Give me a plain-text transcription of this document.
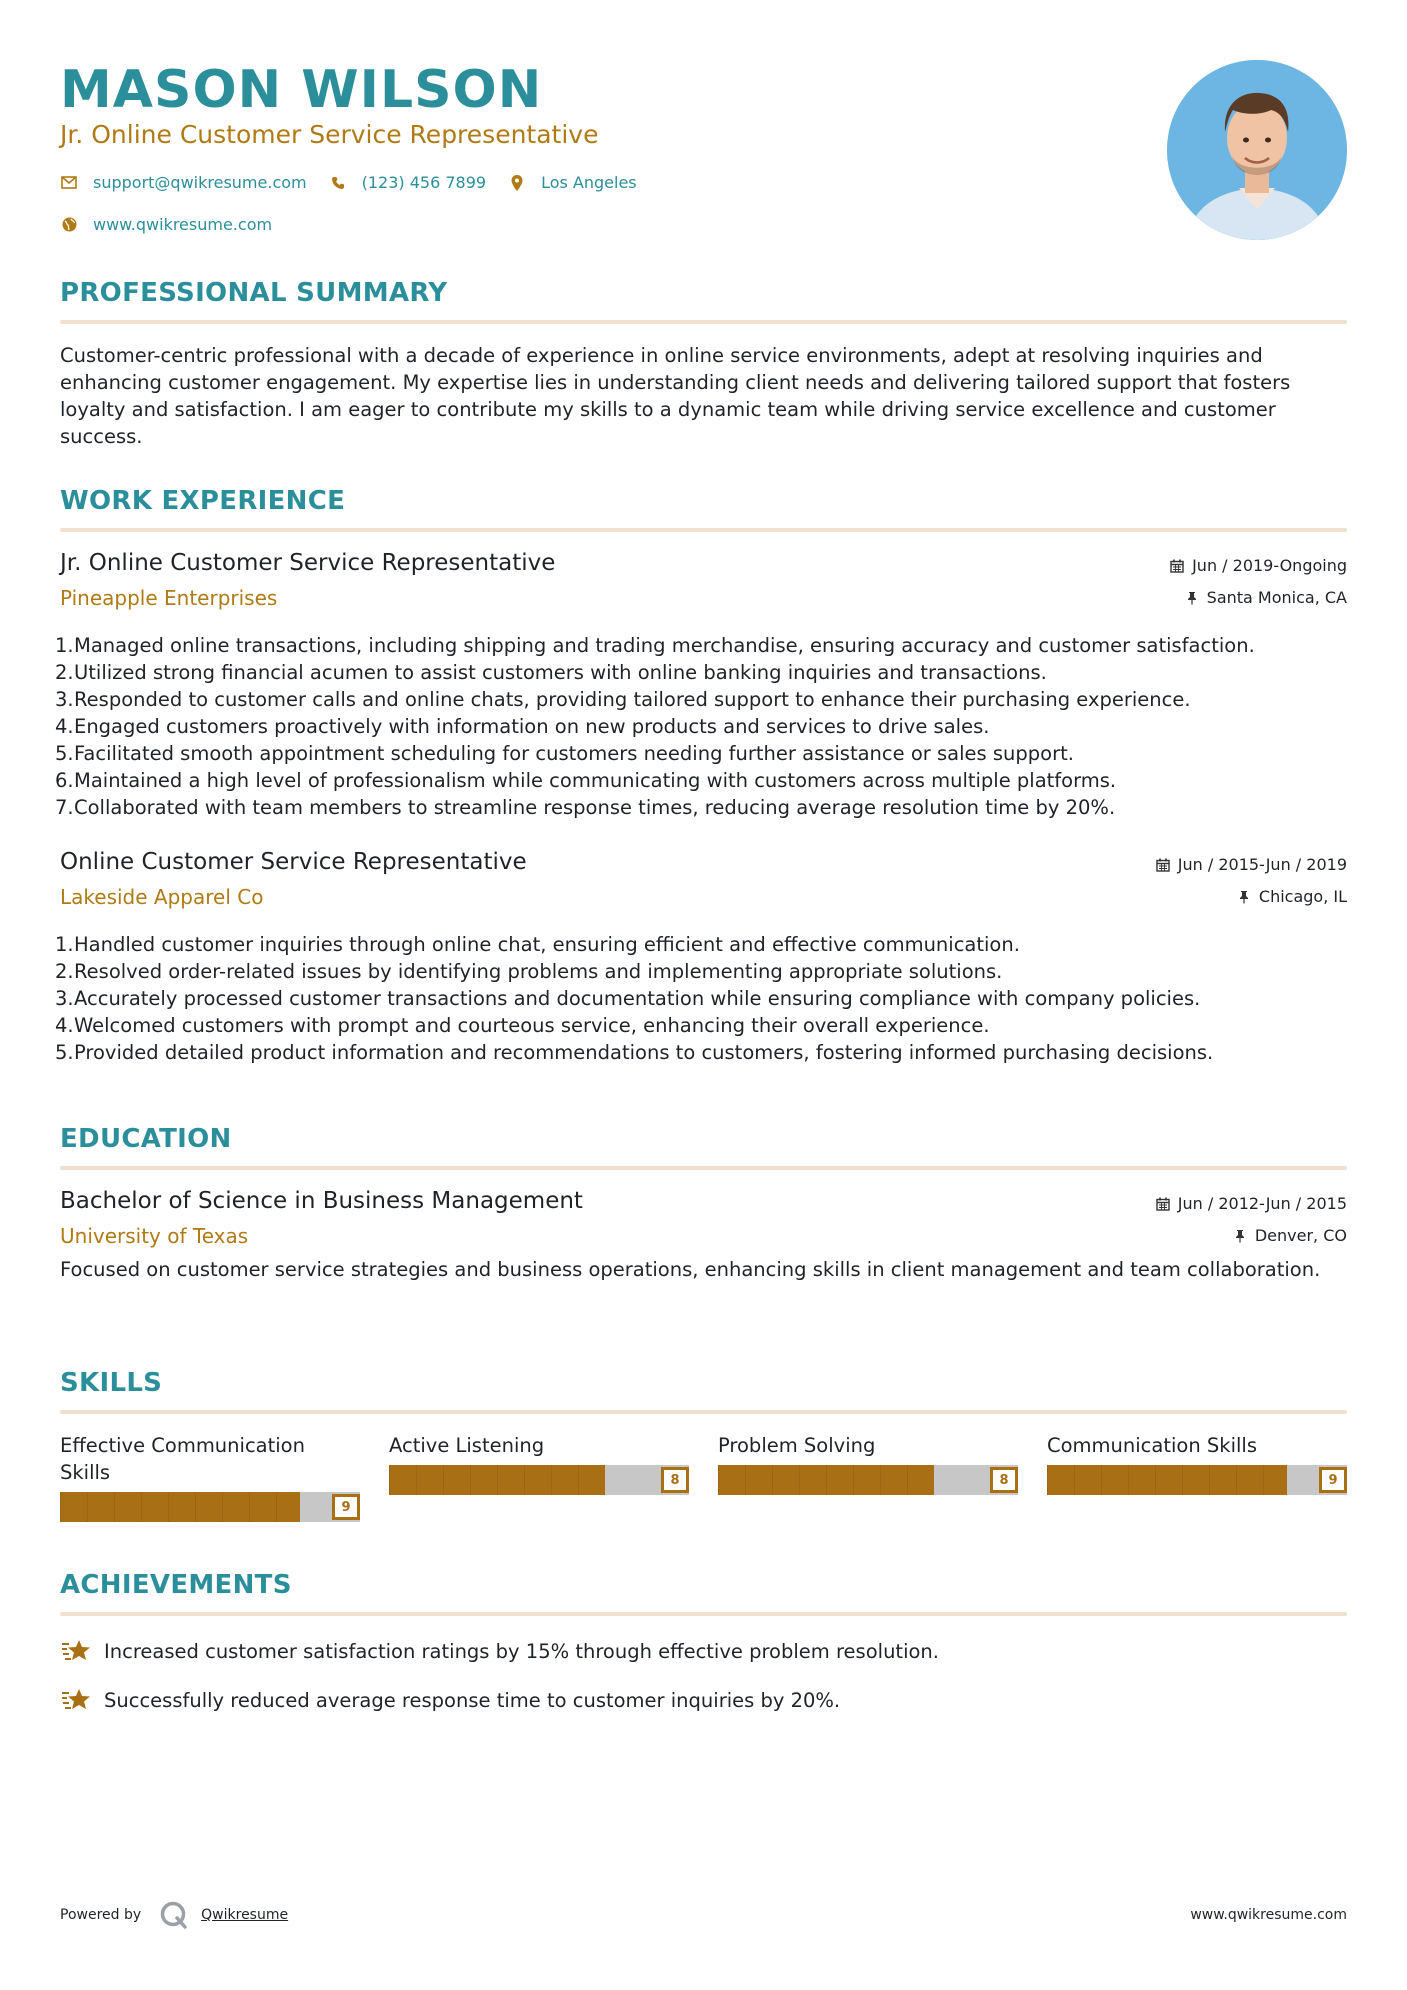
MASON WILSON
Jr. Online Customer Service Representative
support@qwikresume.com	(123) 456 7899	Los Angeles
www.qwikresume.com
PROFESSIONAL SUMMARY
Customer-centric professional with a decade of experience in online service environments, adept at resolving inquiries and enhancing customer engagement. My expertise lies in understanding client needs and delivering tailored support that fosters loyalty and satisfaction. I am eager to contribute my skills to a dynamic team while driving service excellence and customer success.
WORK EXPERIENCE
Jr. Online Customer Service Representative
Pineapple Enterprises
Jun / 2019-Ongoing
Santa Monica, CA
1. Managed online transactions, including shipping and trading merchandise, ensuring accuracy and customer satisfaction.
2. Utilized strong financial acumen to assist customers with online banking inquiries and transactions.
3. Responded to customer calls and online chats, providing tailored support to enhance their purchasing experience.
4. Engaged customers proactively with information on new products and services to drive sales.
5. Facilitated smooth appointment scheduling for customers needing further assistance or sales support.
6. Maintained a high level of professionalism while communicating with customers across multiple platforms.
7. Collaborated with team members to streamline response times, reducing average resolution time by 20%.
Online Customer Service Representative
Lakeside Apparel Co
Jun / 2015-Jun / 2019
Chicago, IL
1. Handled customer inquiries through online chat, ensuring efficient and effective communication.
2. Resolved order-related issues by identifying problems and implementing appropriate solutions.
3. Accurately processed customer transactions and documentation while ensuring compliance with company policies.
4. Welcomed customers with prompt and courteous service, enhancing their overall experience.
5. Provided detailed product information and recommendations to customers, fostering informed purchasing decisions.
EDUCATION
Bachelor of Science in Business Management
University of Texas
Jun / 2012-Jun / 2015
Denver, CO
Focused on customer service strategies and business operations, enhancing skills in client management and team collaboration.
SKILLS
Effective Communication Skills
9
Active Listening
8
Problem Solving
8
Communication Skills
9
ACHIEVEMENTS
Increased customer satisfaction ratings by 15% through effective problem resolution.
Successfully reduced average response time to customer inquiries by 20%.
Powered by	Qwikresume	www.qwikresume.com
